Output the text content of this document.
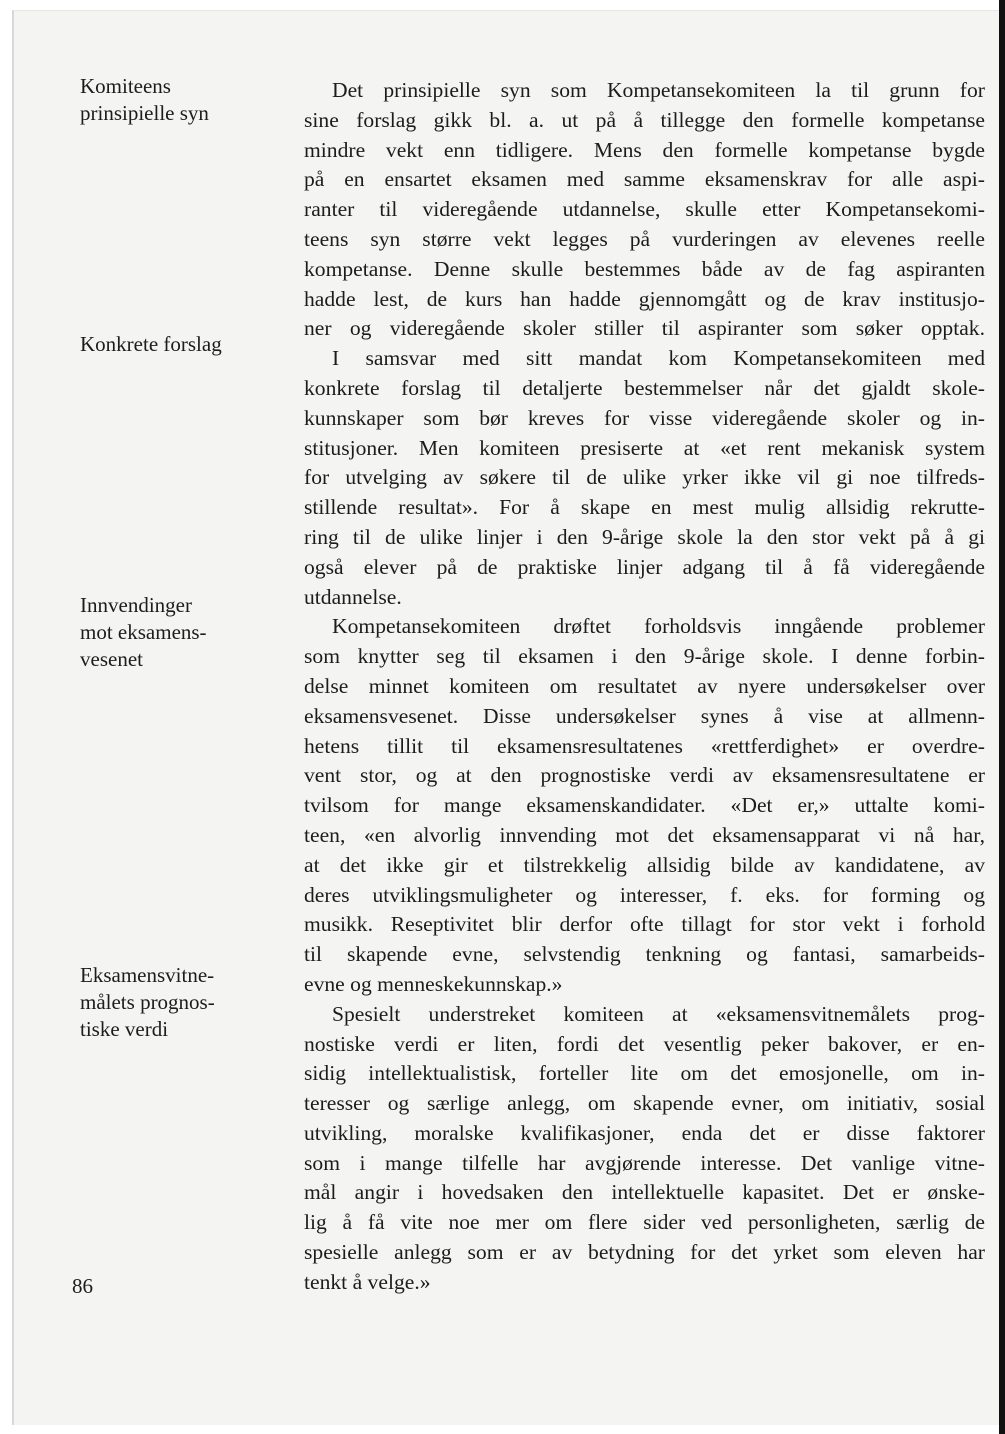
Komiteens
prinsipielle syn
Konkrete forslag
Innvendinger
mot eksamens-
vesenet
Eksamensvitne-
målets prognos-
tiske verdi
Det prinsipielle syn som Kompetansekomiteen la til grunn for
sine forslag gikk bl. a. ut på å tillegge den formelle kompetanse
mindre vekt enn tidligere. Mens den formelle kompetanse bygde
på en ensartet eksamen med samme eksamenskrav for alle aspi-
ranter til videregående utdannelse, skulle etter Kompetansekomi-
teens syn større vekt legges på vurderingen av elevenes reelle
kompetanse. Denne skulle bestemmes både av de fag aspiranten
hadde lest, de kurs han hadde gjennomgått og de krav institusjo-
ner og videregående skoler stiller til aspiranter som søker opptak.
I samsvar med sitt mandat kom Kompetansekomiteen med
konkrete forslag til detaljerte bestemmelser når det gjaldt skole-
kunnskaper som bør kreves for visse videregående skoler og in-
stitusjoner. Men komiteen presiserte at «et rent mekanisk system
for utvelging av søkere til de ulike yrker ikke vil gi noe tilfreds-
stillende resultat». For å skape en mest mulig allsidig rekrutte-
ring til de ulike linjer i den 9-årige skole la den stor vekt på å gi
også elever på de praktiske linjer adgang til å få videregående
utdannelse.
Kompetansekomiteen drøftet forholdsvis inngående problemer
som knytter seg til eksamen i den 9-årige skole. I denne forbin-
delse minnet komiteen om resultatet av nyere undersøkelser over
eksamensvesenet. Disse undersøkelser synes å vise at allmenn-
hetens tillit til eksamensresultatenes «rettferdighet» er overdre-
vent stor, og at den prognostiske verdi av eksamensresultatene er
tvilsom for mange eksamenskandidater. «Det er,» uttalte komi-
teen, «en alvorlig innvending mot det eksamensapparat vi nå har,
at det ikke gir et tilstrekkelig allsidig bilde av kandidatene, av
deres utviklingsmuligheter og interesser, f. eks. for forming og
musikk. Reseptivitet blir derfor ofte tillagt for stor vekt i forhold
til skapende evne, selvstendig tenkning og fantasi, samarbeids-
evne og menneskekunnskap.»
Spesielt understreket komiteen at «eksamensvitnemålets prog-
nostiske verdi er liten, fordi det vesentlig peker bakover, er en-
sidig intellektualistisk, forteller lite om det emosjonelle, om in-
teresser og særlige anlegg, om skapende evner, om initiativ, sosial
utvikling, moralske kvalifikasjoner, enda det er disse faktorer
som i mange tilfelle har avgjørende interesse. Det vanlige vitne-
mål angir i hovedsaken den intellektuelle kapasitet. Det er ønske-
lig å få vite noe mer om flere sider ved personligheten, særlig de
spesielle anlegg som er av betydning for det yrket som eleven har
tenkt å velge.»
86
